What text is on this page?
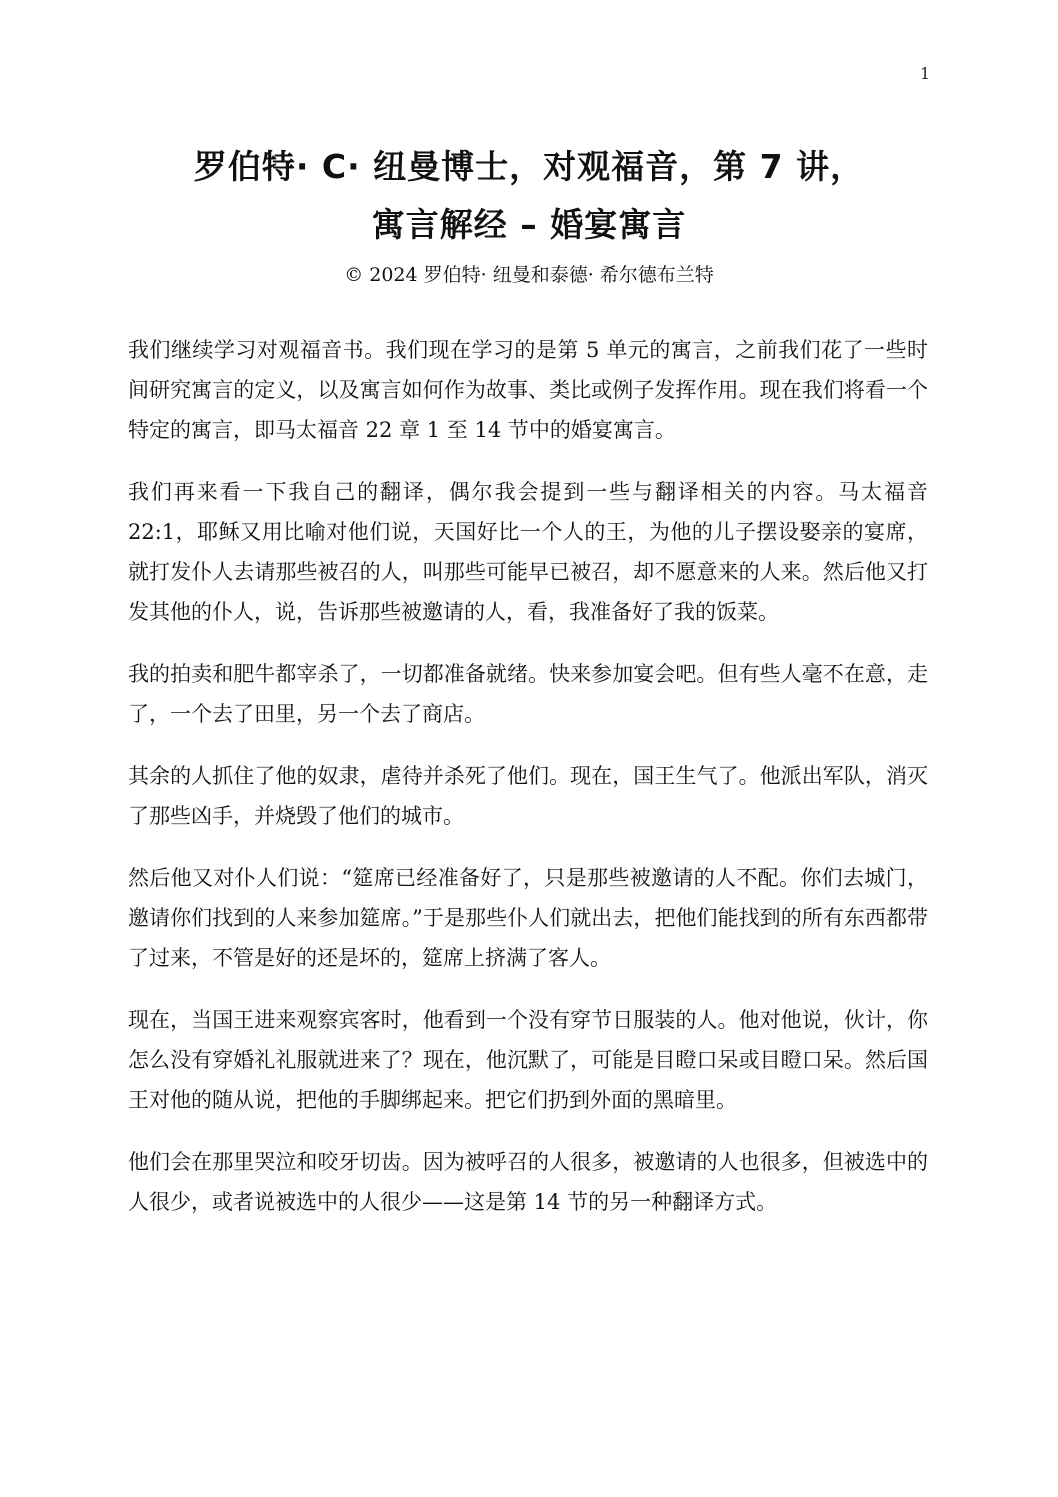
1

罗伯特· C· 纽曼博士，对观福音，第 7 讲，

寓言解经 – 婚宴寓言

© 2024 罗伯特· 纽曼和泰德· 希尔德布兰特

我们继续学习对观福音书。我们现在学习的是第 5 单元的寓言，之前我们花了一些时间研究寓言的定义，以及寓言如何作为故事、类比或例子发挥作用。现在我们将看一个特定的寓言，即马太福音 22 章 1 至 14 节中的婚宴寓言。

我们再来看一下我自己的翻译，偶尔我会提到一些与翻译相关的内容。马太福音 22:1，耶稣又用比喻对他们说，天国好比一个人的王，为他的儿子摆设娶亲的宴席，就打发仆人去请那些被召的人，叫那些可能早已被召，却不愿意来的人来。然后他又打发其他的仆人，说，告诉那些被邀请的人，看，我准备好了我的饭菜。

我的拍卖和肥牛都宰杀了，一切都准备就绪。快来参加宴会吧。但有些人毫不在意，走了，一个去了田里，另一个去了商店。

其余的人抓住了他的奴隶，虐待并杀死了他们。现在，国王生气了。他派出军队，消灭了那些凶手，并烧毁了他们的城市。

然后他又对仆人们说：“筵席已经准备好了，只是那些被邀请的人不配。你们去城门，邀请你们找到的人来参加筵席。”于是那些仆人们就出去，把他们能找到的所有东西都带了过来，不管是好的还是坏的，筵席上挤满了客人。

现在，当国王进来观察宾客时，他看到一个没有穿节日服装的人。他对他说，伙计，你怎么没有穿婚礼礼服就进来了？现在，他沉默了，可能是目瞪口呆或目瞪口呆。然后国王对他的随从说，把他的手脚绑起来。把它们扔到外面的黑暗里。

他们会在那里哭泣和咬牙切齿。因为被呼召的人很多，被邀请的人也很多，但被选中的人很少，或者说被选中的人很少——这是第 14 节的另一种翻译方式。
